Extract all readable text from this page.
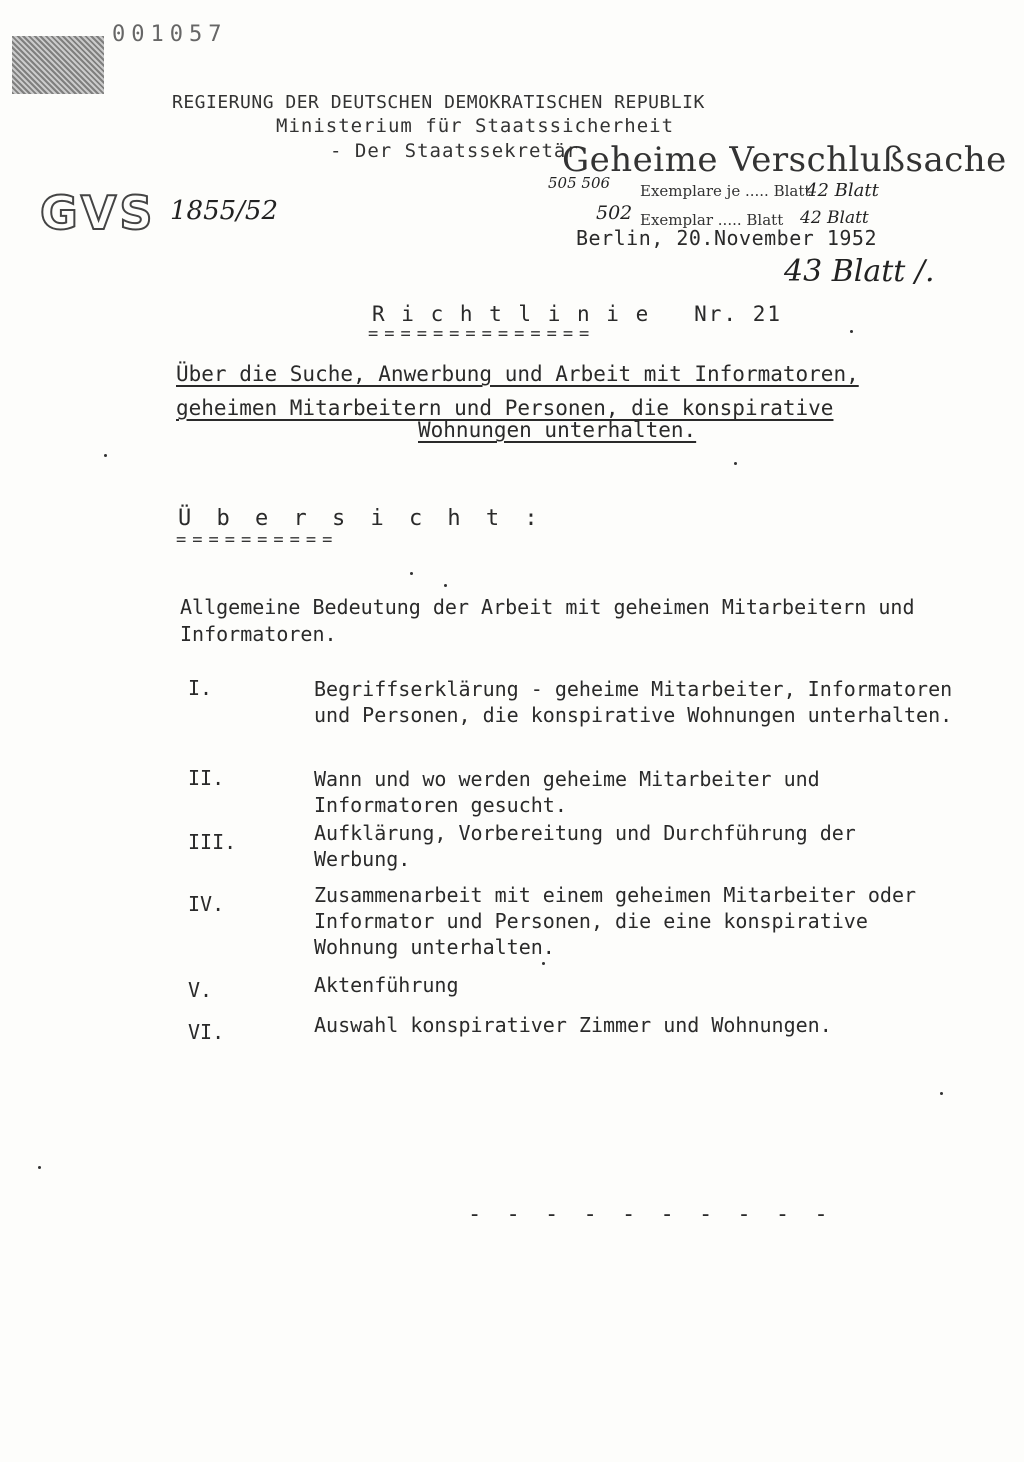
001057
REGIERUNG DER DEUTSCHEN DEMOKRATISCHEN REPUBLIK
Ministerium für Staatssicherheit
- Der Staatssekretär
GVS 1855/52
Geheime Verschlußsache
505 506 Exemplare je ..... Blatt
42 Blatt
502 Exemplar ..... Blatt 42 Blatt
Berlin, 20.November 1952
43 Blatt /.
R i c h t l i n i e   Nr. 21
==============
Über die Suche, Anwerbung und Arbeit mit Informatoren,
geheimen Mitarbeitern und Personen, die konspirative
Wohnungen unterhalten.
Ü b e r s i c h t :
==========
Allgemeine Bedeutung der Arbeit mit geheimen Mitarbeitern und Informatoren.
I.	Begriffserklärung - geheime Mitarbeiter, Informatoren und Personen, die konspirative Wohnungen unterhalten.
II.	Wann und wo werden geheime Mitarbeiter und Informatoren gesucht.
III.	Aufklärung, Vorbereitung und Durchführung der Werbung.
IV.	Zusammenarbeit mit einem geheimen Mitarbeiter oder Informator und Personen, die eine konspirative Wohnung unterhalten.
V.	Aktenführung
VI.	Auswahl konspirativer Zimmer und Wohnungen.
- - - - - - - - - -
